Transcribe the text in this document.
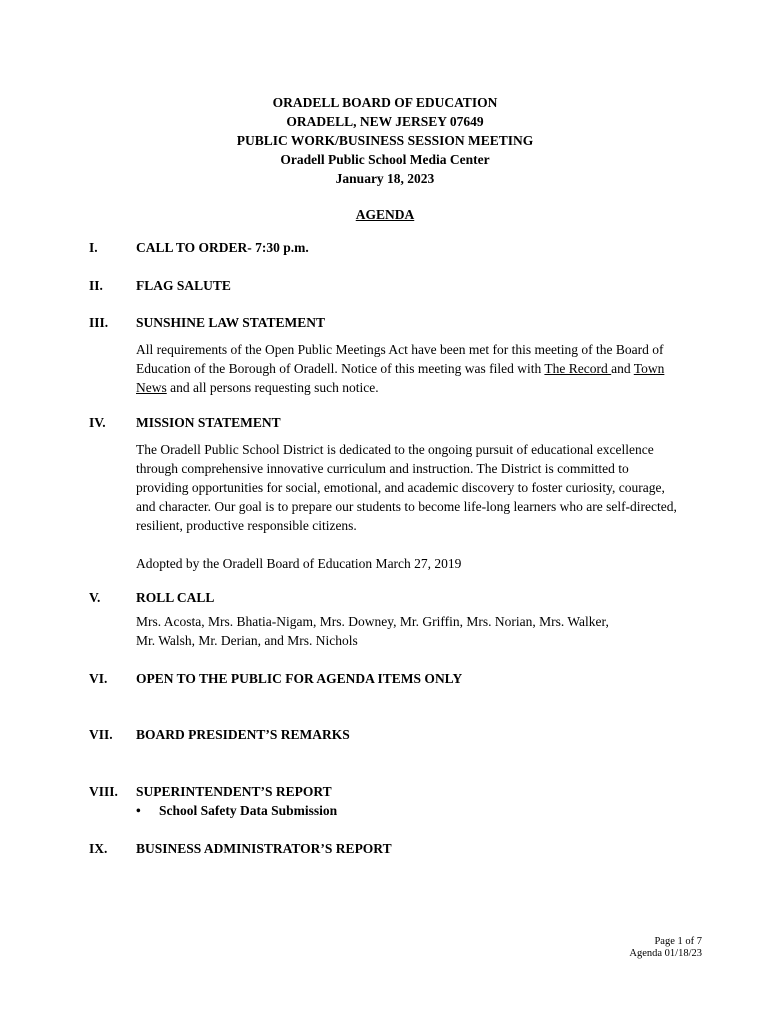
ORADELL BOARD OF EDUCATION
ORADELL, NEW JERSEY 07649
PUBLIC WORK/BUSINESS SESSION MEETING
Oradell Public School Media Center
January 18, 2023
AGENDA
I.	CALL TO ORDER- 7:30 p.m.
II. FLAG SALUTE
III. SUNSHINE LAW STATEMENT

All requirements of the Open Public Meetings Act have been met for this meeting of the Board of Education of the Borough of Oradell. Notice of this meeting was filed with The Record and Town News and all persons requesting such notice.

IV. MISSION STATEMENT

The Oradell Public School District is dedicated to the ongoing pursuit of educational excellence through comprehensive innovative curriculum and instruction. The District is committed to providing opportunities for social, emotional, and academic discovery to foster curiosity, courage, and character. Our goal is to prepare our students to become life-long learners who are self-directed, resilient, productive responsible citizens.

Adopted by the Oradell Board of Education March 27, 2019

V.	ROLL CALL

Mrs. Acosta, Mrs. Bhatia-Nigam, Mrs. Downey, Mr. Griffin, Mrs. Norian, Mrs. Walker,

Mr. Walsh, Mr. Derian, and Mrs. Nichols

VI. OPEN TO THE PUBLIC FOR AGENDA ITEMS ONLY
VII. BOARD PRESIDENT’S REMARKS
VIII. SUPERINTENDENT’S REPORT
• School Safety Data Submission
IX. BUSINESS ADMINISTRATOR’S REPORT
Page 1 of 7
Agenda 01/18/23
